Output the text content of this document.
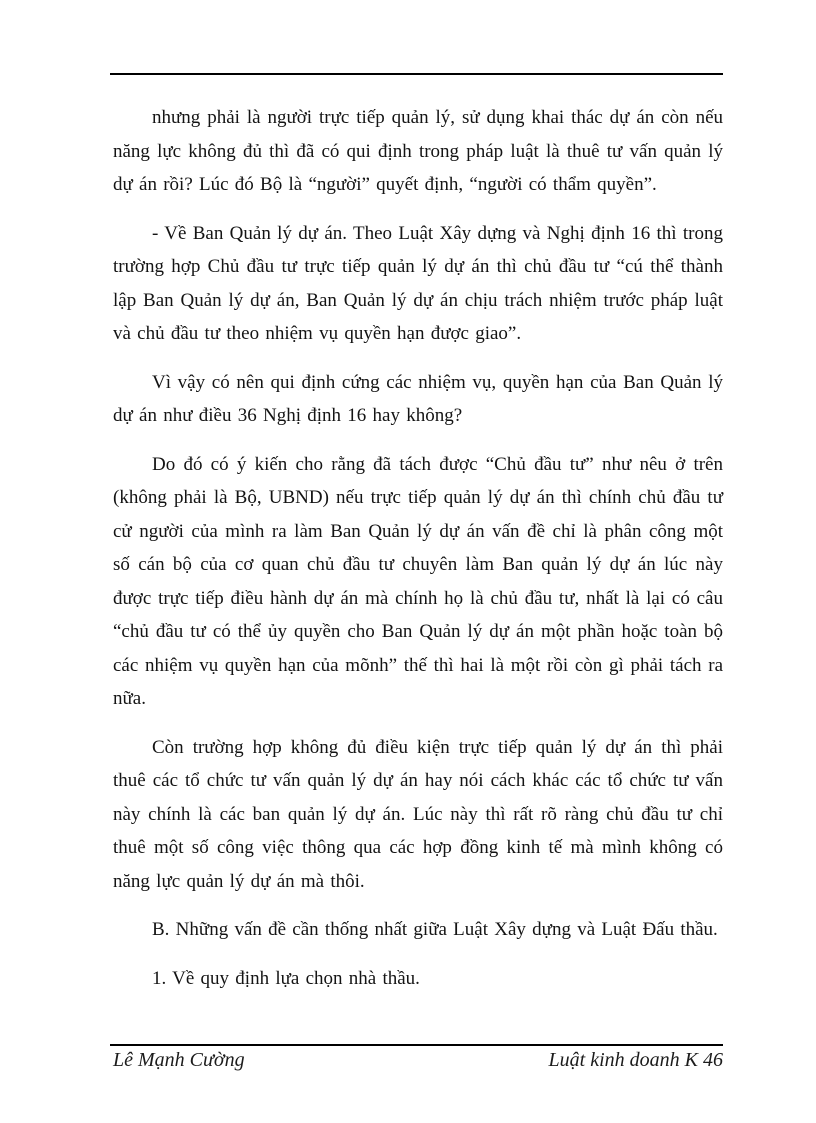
nhưng phải là người trực tiếp quản lý, sử dụng khai thác dự án còn nếu năng lực không đủ thì đã có qui định trong pháp luật là thuê tư vấn quản lý dự án rồi? Lúc đó Bộ là “người” quyết định, “người có thẩm quyền”.

- Về Ban Quản lý dự án. Theo Luật Xây dựng và Nghị định 16 thì trong trường hợp Chủ đầu tư trực tiếp quản lý dự án thì chủ đầu tư “cú thể thành lập Ban Quản lý dự án, Ban Quản lý dự án chịu trách nhiệm trước pháp luật và chủ đầu tư theo nhiệm vụ quyền hạn được giao”.

Vì vậy có nên qui định cứng các nhiệm vụ, quyền hạn của Ban Quản lý dự án như điều 36 Nghị định 16 hay không?

Do đó có ý kiến cho rằng đã tách được “Chủ đầu tư” như nêu ở trên (không phải là Bộ, UBND) nếu trực tiếp quản lý dự án thì chính chủ đầu tư cử người của mình ra làm Ban Quản lý dự án vấn đề chỉ là phân công một số cán bộ của cơ quan chủ đầu tư chuyên làm Ban quản lý dự án lúc này được trực tiếp điều hành dự án mà chính họ là chủ đầu tư, nhất là lại có câu “chủ đầu tư có thể ủy quyền cho Ban Quản lý dự án một phần hoặc toàn bộ các nhiệm vụ quyền hạn của mõnh” thế thì hai là một rồi còn gì phải tách ra nữa.

Còn trường hợp không đủ điều kiện trực tiếp quản lý dự án thì phải thuê các tổ chức tư vấn quản lý dự án hay nói cách khác các tổ chức tư vấn này chính là các ban quản lý dự án. Lúc này thì rất rõ ràng chủ đầu tư chỉ thuê một số công việc thông qua các hợp đồng kinh tế mà mình không có năng lực quản lý dự án mà thôi.

B. Những vấn đề cần thống nhất giữa Luật Xây dựng và Luật Đấu thầu.

1. Về quy định lựa chọn nhà thầu.

Lê Mạnh Cường	Luật kinh doanh K 46
